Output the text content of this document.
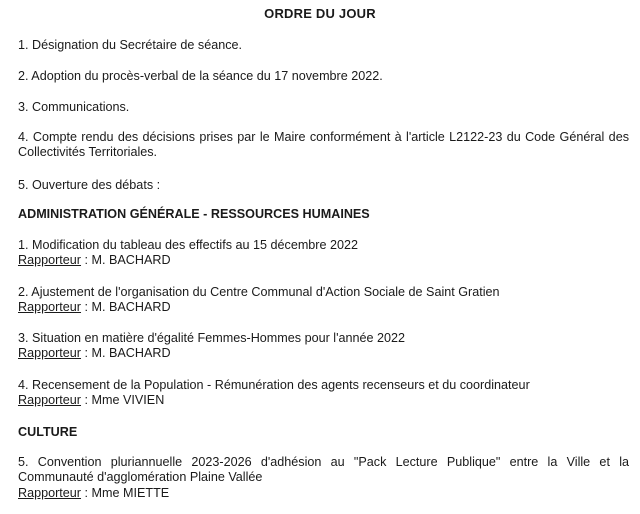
ORDRE DU JOUR
1. Désignation du Secrétaire de séance.
2. Adoption du procès-verbal de la séance du 17 novembre 2022.
3. Communications.
4. Compte rendu des décisions prises par le Maire conformément à l'article L2122-23 du Code Général des Collectivités Territoriales.
5. Ouverture des débats :
ADMINISTRATION GÉNÉRALE - RESSOURCES HUMAINES
1. Modification du tableau des effectifs au 15 décembre 2022
Rapporteur : M. BACHARD
2. Ajustement de l'organisation du Centre Communal d'Action Sociale de Saint Gratien
Rapporteur : M. BACHARD
3. Situation en matière d'égalité Femmes-Hommes pour l'année 2022
Rapporteur : M. BACHARD
4. Recensement de la Population - Rémunération des agents recenseurs et du coordinateur
Rapporteur : Mme VIVIEN
CULTURE
5. Convention pluriannuelle 2023-2026 d'adhésion au "Pack Lecture Publique" entre la Ville et la Communauté d'agglomération Plaine Vallée
Rapporteur : Mme MIETTE
